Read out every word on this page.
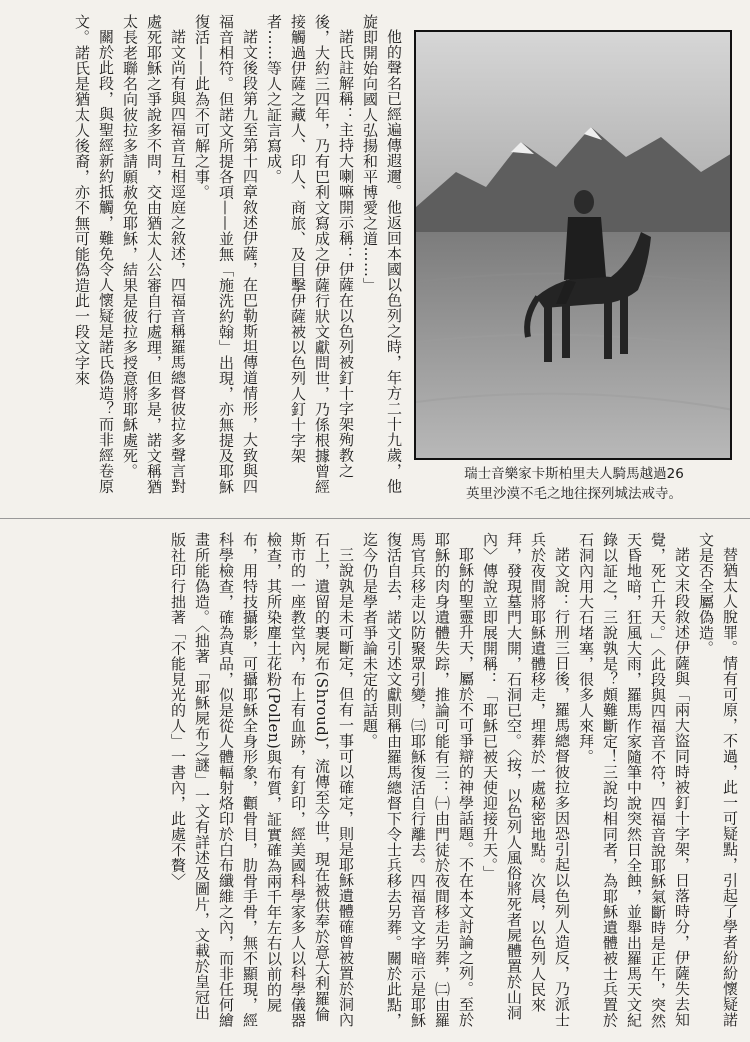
他的聲名已經遍傳遐邇。他返回本國以色列之時，年方二十九歲，他旋即開始向國人弘揚和平博愛之道……」

諾氏註解稱：主持大喇嘛開示稱：伊薩在以色列被釘十字架殉教之後，大約三四年，乃有巴利文寫成之伊薩行狀文獻問世，乃係根據曾經接觸過伊薩之藏人、印人、商旅、及目擊伊薩被以色列人釘十字架者……等人之証言寫成。

諾文後段第九至第十四章敘述伊薩，在巴勒斯坦傳道情形，大致與四福音相符。但諾文所提各項——並無「施洗約翰」出現，亦無提及耶穌復活——此為不可解之事。

諾文尚有與四福音互相逕庭之敘述，四福音稱羅馬總督彼拉多聲言對處死耶穌之爭說多不問，交由猶太人公審自行處理，但多是，諾文稱猶太長老聯名向彼拉多請願赦免耶穌，結果是彼拉多授意將耶穌處死。

關於此段，與聖經新約抵觸，難免令人懷疑是諾氏偽造？而非經卷原文。諾氏是猶太人後裔，亦不無可能偽造此一段文字來

瑞士音樂家卡斯柏里夫人騎馬越過26
英里沙漠不毛之地往探列城法戒寺。

替猶太人脫罪。情有可原，不過，此一可疑點，引起了學者紛紛懷疑諾文是否全屬偽造。

諾文末段敘述伊薩與「兩大盜同時被釘十字架，日落時分，伊薩失去知覺，死亡升天。」〈此段與四福音不符，四福音說耶穌氣斷時是正午，突然天昏地暗，狂風大雨，羅馬作家隨筆中說突然日全蝕，並舉出羅馬天文紀錄以証之，三說孰是？頗難斷定！三說均相同者，為耶穌遺體被士兵置於石洞內用大石堵塞，很多人來拜。

諾文說：行刑三日後，羅馬總督彼拉多因恐引起以色列人造反，乃派士兵於夜間將耶穌遺體移走，埋葬於一處秘密地點。次晨，以色列人民來拜，發現墓門大開，石洞已空。〈按，以色列人風俗將死者屍體置於山洞內〉傳說立即展開稱：「耶穌已被天使迎接升天。」

耶穌的聖靈升天，屬於不可爭辯的神學話題。不在本文討論之列。至於耶穌的肉身遺體失踪，推論可能有三：㈠由門徒於夜間移走另葬，㈡由羅馬官兵移走以防聚眾引變，㈢耶穌復活自行離去。四福音文字暗示是耶穌復活自去，諾文引述文獻則稱由羅馬總督下令士兵移去另葬。關於此點，迄今仍是學者爭論未定的話題。

三說孰是未可斷定，但有一事可以確定，則是耶穌遺體確曾被置於洞內石上，遺留的裹屍布(Shroud)，流傳至今世，現在被供奉於意大利羅倫斯市的一座教堂內，布上有血跡，有釘印，經美國科學家多人以科學儀器檢查，其所染塵土花粉(Pollen)與布質，証實確為兩千年左右以前的屍布，用特技攝影，可攝耶穌全身形象，顴骨目，肋骨手骨，無不顯現，經科學檢查，確為真品，似是從人體輻射烙印於白布纖維之內，而非任何繪畫所能偽造。〈拙著「耶穌屍布之謎」一文有詳述及圖片，文載於皇冠出版社印行拙著「不能見光的人」一書內，此處不贅〉
